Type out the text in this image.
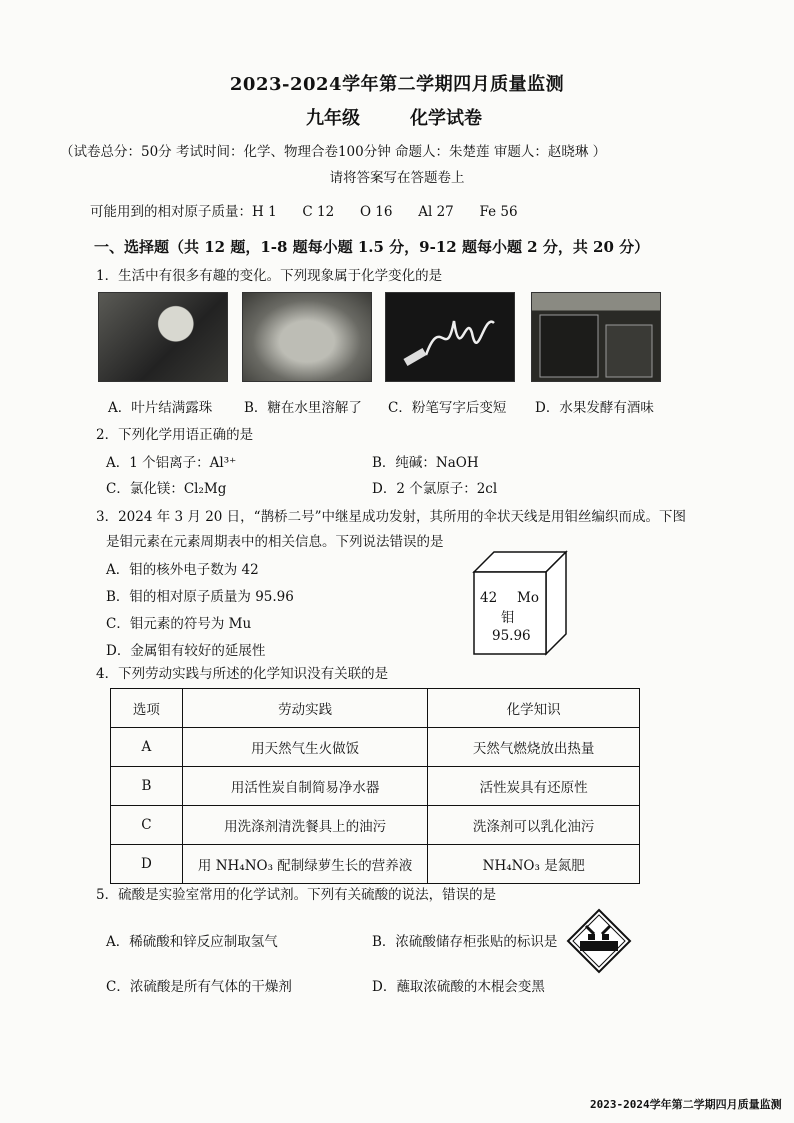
2023-2024学年第二学期四月质量监测
九年级	化学试卷
（试卷总分：50分 考试时间：化学、物理合卷100分钟 命题人：朱楚莲 审题人：赵晓琳 ）
请将答案写在答题卷上
可能用到的相对原子质量：H 1      C 12      O 16      Al 27      Fe 56
一、选择题（共 12 题，1-8 题每小题 1.5 分，9-12 题每小题 2 分，共 20 分）
1．生活中有很多有趣的变化。下列现象属于化学变化的是
A．叶片结满露珠 B．糖在水里溶解了 C．粉笔写字后变短 D．水果发酵有酒味
2．下列化学用语正确的是
A．1 个铝离子：Al³⁺	B．纯碱：NaOH
C．氯化镁：Cl₂Mg	D．2 个氯原子：2cl
3．2024 年 3 月 20 日，“鹊桥二号”中继星成功发射，其所用的伞状天线是用钼丝编织而成。下图
是钼元素在元素周期表中的相关信息。下列说法错误的是
A．钼的核外电子数为 42
B．钼的相对原子质量为 95.96
C．钼元素的符号为 Mu
D．金属钼有较好的延展性
42 Mo
钼
95.96
4．下列劳动实践与所述的化学知识没有关联的是
选项	劳动实践	化学知识
A	用天然气生火做饭	天然气燃烧放出热量
B	用活性炭自制简易净水器	活性炭具有还原性
C	用洗涤剂清洗餐具上的油污	洗涤剂可以乳化油污
D	用 NH₄NO₃ 配制绿萝生长的营养液	NH₄NO₃ 是氮肥
5．硫酸是实验室常用的化学试剂。下列有关硫酸的说法，错误的是
A．稀硫酸和锌反应制取氢气	B．浓硫酸储存柜张贴的标识是
C．浓硫酸是所有气体的干燥剂	D．蘸取浓硫酸的木棍会变黑
2023-2024学年第二学期四月质量监测
